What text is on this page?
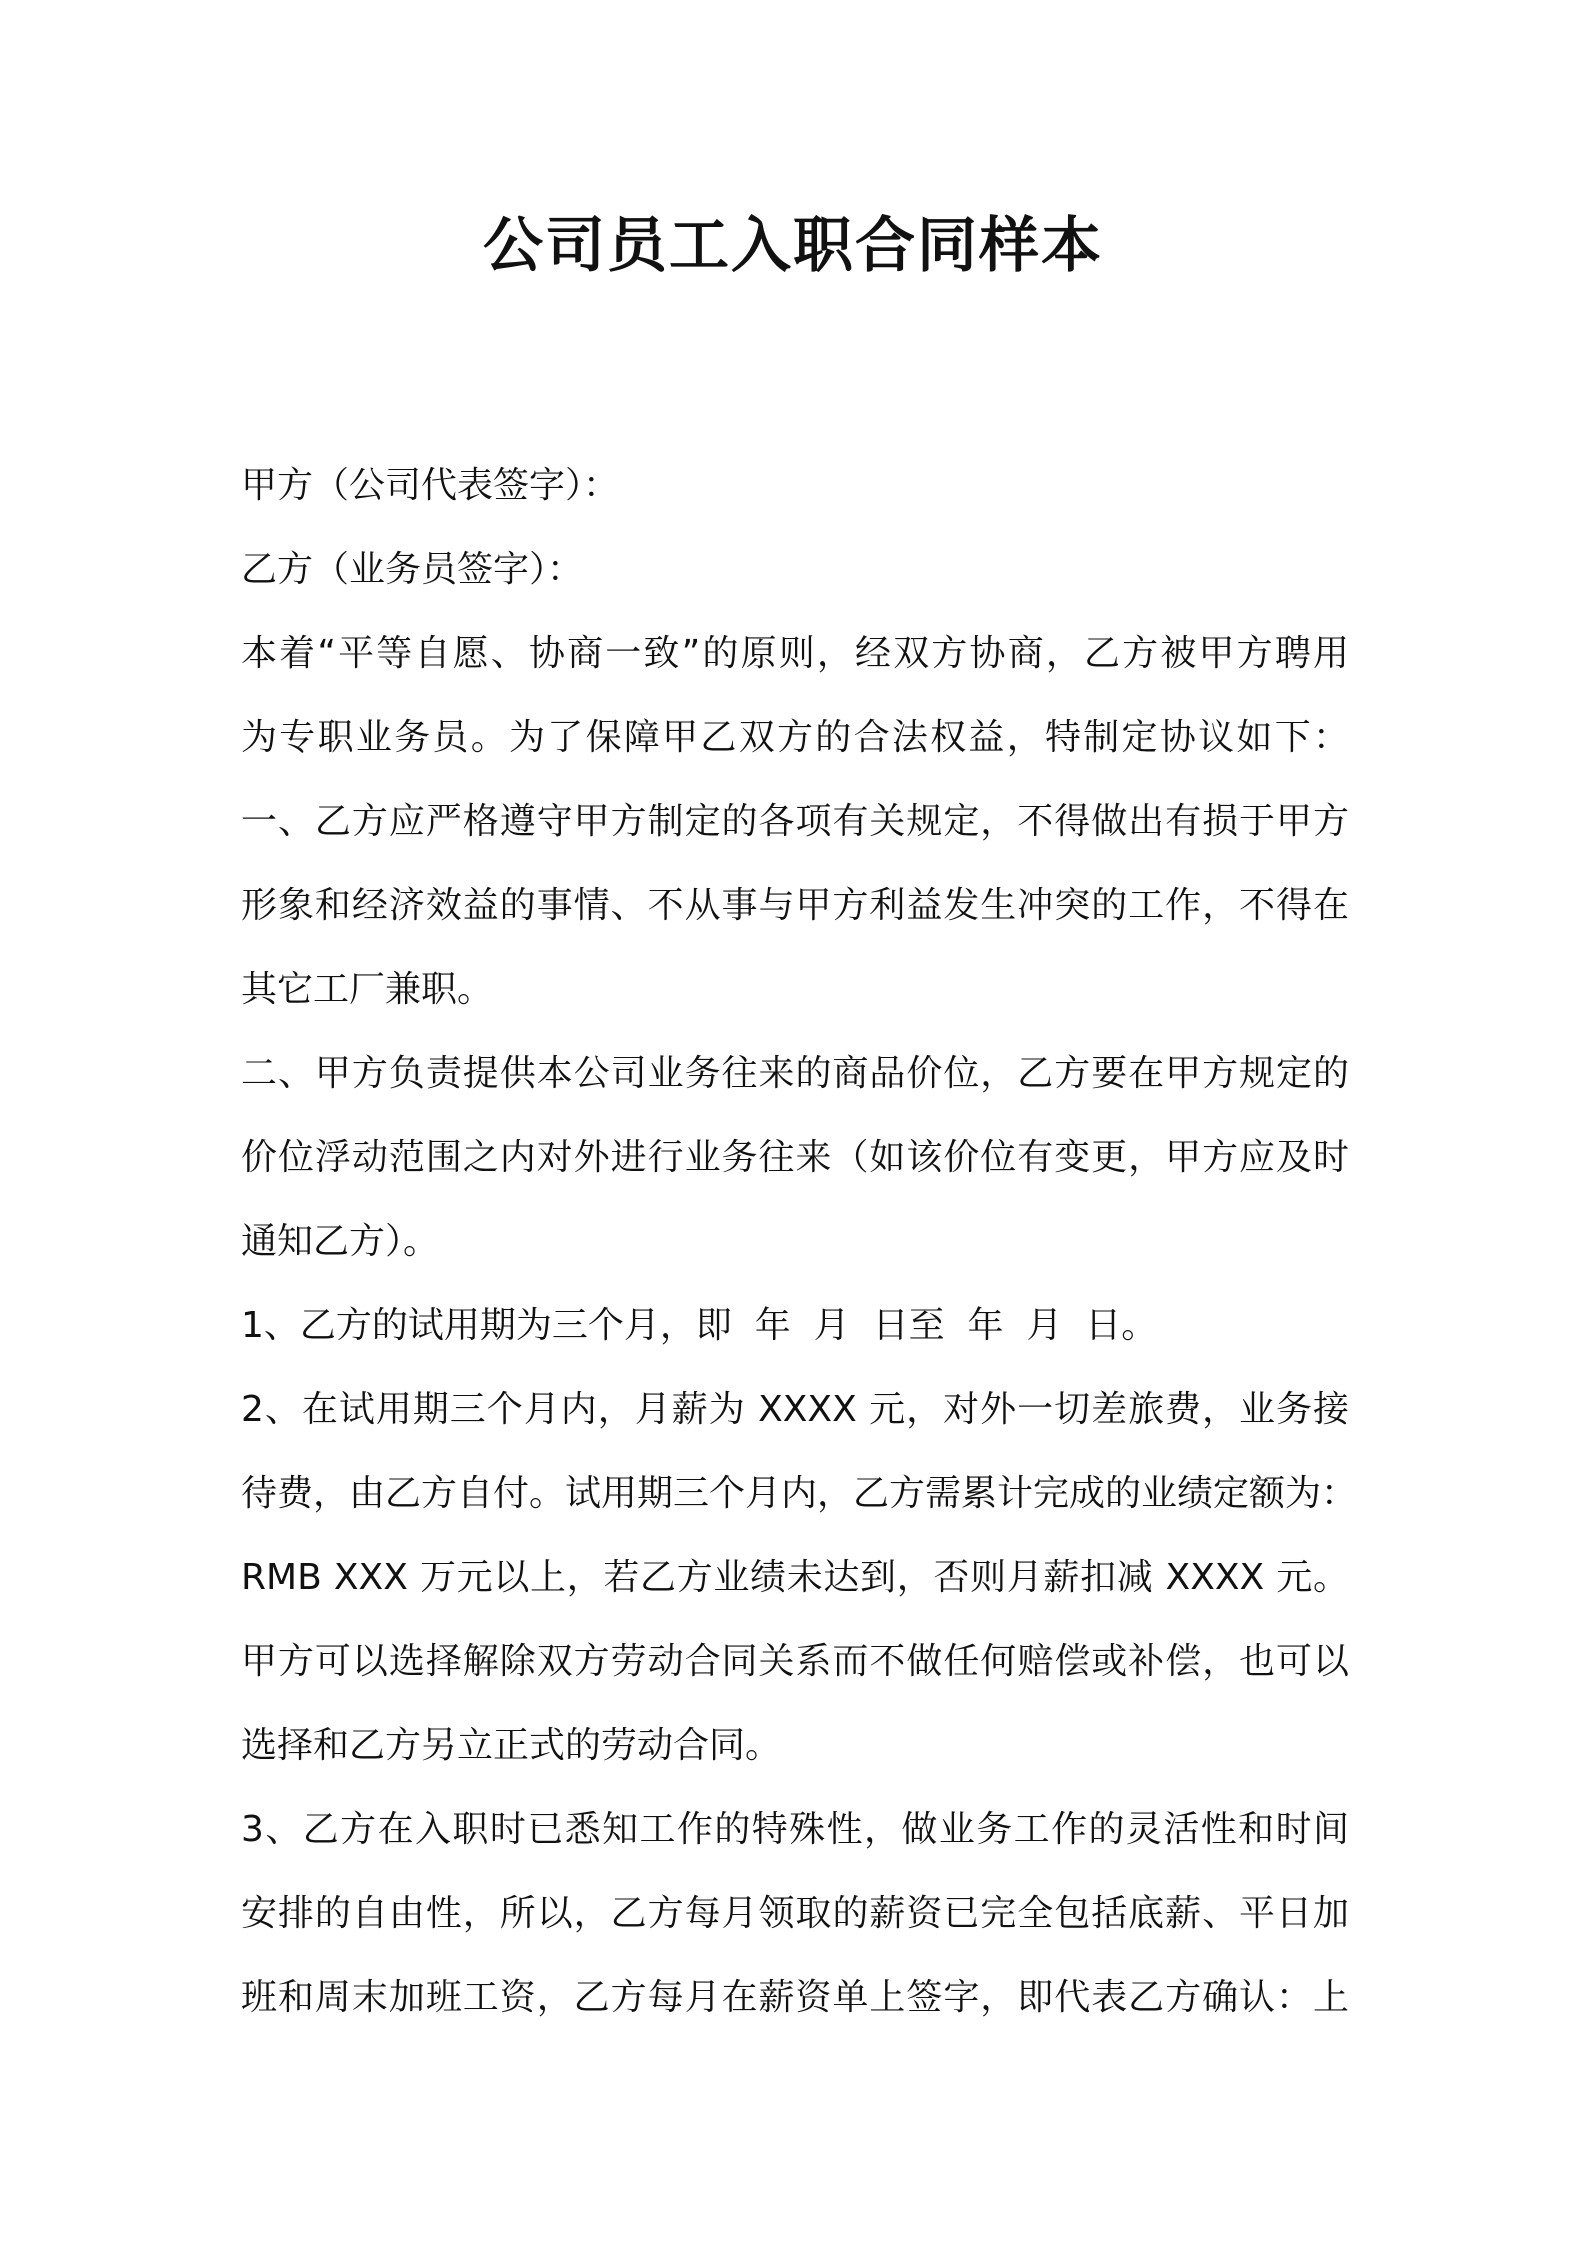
公司员工入职合同样本
甲方（公司代表签字）：
乙方（业务员签字）：
本着“平等自愿、协商一致”的原则，经双方协商，乙方被甲方聘用
为专职业务员。为了保障甲乙双方的合法权益，特制定协议如下：
一、乙方应严格遵守甲方制定的各项有关规定，不得做出有损于甲方
形象和经济效益的事情、不从事与甲方利益发生冲突的工作，不得在
其它工厂兼职。
二、甲方负责提供本公司业务往来的商品价位，乙方要在甲方规定的
价位浮动范围之内对外进行业务往来（如该价位有变更，甲方应及时
通知乙方）。
1、乙方的试用期为三个月，即  年  月  日至  年  月  日。
2、在试用期三个月内，月薪为 XXXX 元，对外一切差旅费，业务接
待费，由乙方自付。试用期三个月内，乙方需累计完成的业绩定额为：
RMB XXX 万元以上，若乙方业绩未达到，否则月薪扣减 XXXX 元。
甲方可以选择解除双方劳动合同关系而不做任何赔偿或补偿，也可以
选择和乙方另立正式的劳动合同。
3、乙方在入职时已悉知工作的特殊性，做业务工作的灵活性和时间
安排的自由性，所以，乙方每月领取的薪资已完全包括底薪、平日加
班和周末加班工资，乙方每月在薪资单上签字，即代表乙方确认：上
